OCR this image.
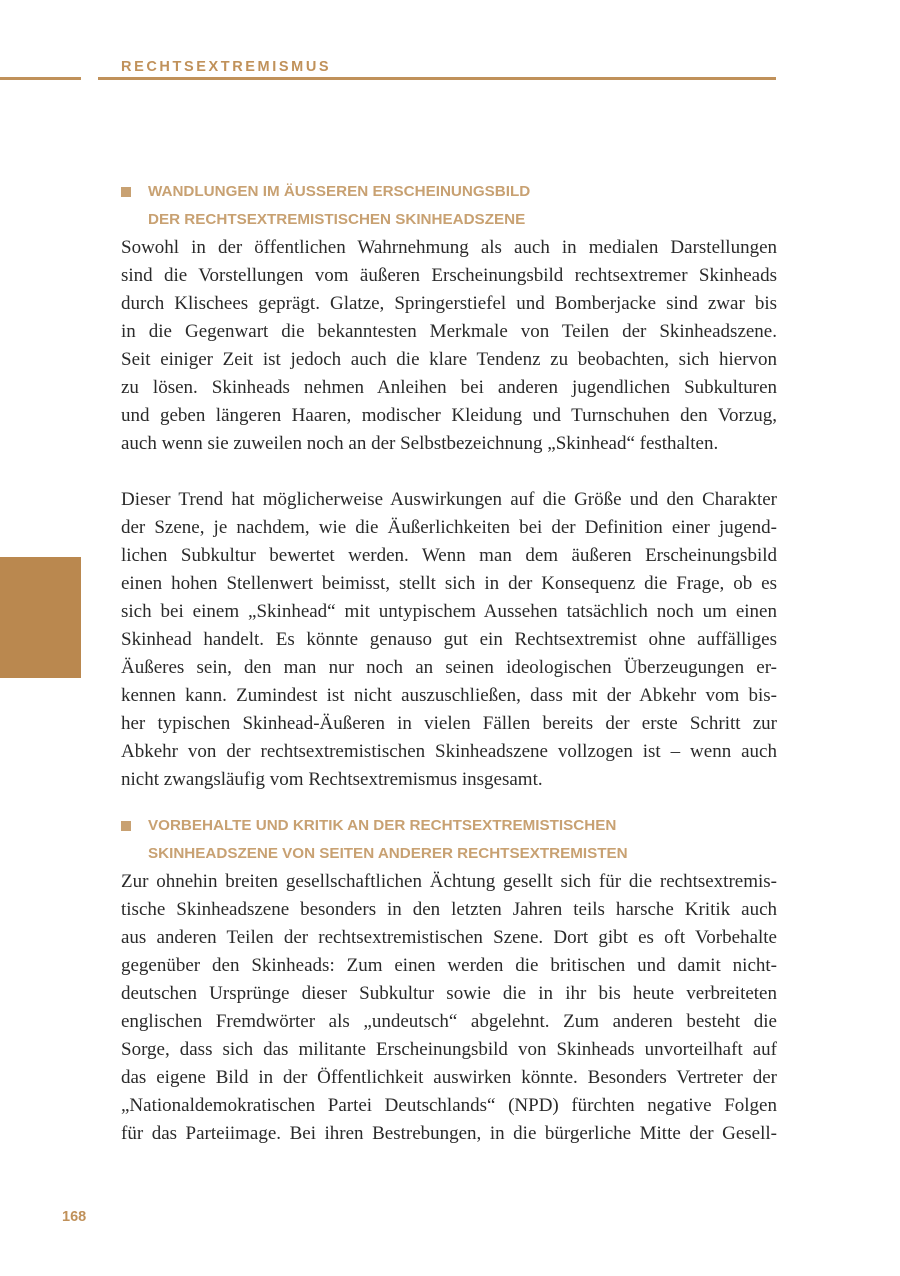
RECHTSEXTREMISMUS
WANDLUNGEN IM ÄUSSEREN ERSCHEINUNGSBILD
DER RECHTSEXTREMISTISCHEN SKINHEADSZENE
Sowohl in der öffentlichen Wahrnehmung als auch in medialen Darstellungen
sind die Vorstellungen vom äußeren Erscheinungsbild rechtsextremer Skinheads
durch Klischees geprägt. Glatze, Springerstiefel und Bomberjacke sind zwar bis
in die Gegenwart die bekanntesten Merkmale von Teilen der Skinheadszene.
Seit einiger Zeit ist jedoch auch die klare Tendenz zu beobachten, sich hiervon
zu lösen. Skinheads nehmen Anleihen bei anderen jugendlichen Subkulturen
und geben längeren Haaren, modischer Kleidung und Turnschuhen den Vorzug,
auch wenn sie zuweilen noch an der Selbstbezeichnung „Skinhead“ festhalten.
Dieser Trend hat möglicherweise Auswirkungen auf die Größe und den Charakter
der Szene, je nachdem, wie die Äußerlichkeiten bei der Definition einer jugend-
lichen Subkultur bewertet werden. Wenn man dem äußeren Erscheinungsbild
einen hohen Stellenwert beimisst, stellt sich in der Konsequenz die Frage, ob es
sich bei einem „Skinhead“ mit untypischem Aussehen tatsächlich noch um einen
Skinhead handelt. Es könnte genauso gut ein Rechtsextremist ohne auffälliges
Äußeres sein, den man nur noch an seinen ideologischen Überzeugungen er-
kennen kann. Zumindest ist nicht auszuschließen, dass mit der Abkehr vom bis-
her typischen Skinhead-Äußeren in vielen Fällen bereits der erste Schritt zur
Abkehr von der rechtsextremistischen Skinheadszene vollzogen ist – wenn auch
nicht zwangsläufig vom Rechtsextremismus insgesamt.
VORBEHALTE UND KRITIK AN DER RECHTSEXTREMISTISCHEN
SKINHEADSZENE VON SEITEN ANDERER RECHTSEXTREMISTEN
Zur ohnehin breiten gesellschaftlichen Ächtung gesellt sich für die rechtsextremis-
tische Skinheadszene besonders in den letzten Jahren teils harsche Kritik auch
aus anderen Teilen der rechtsextremistischen Szene. Dort gibt es oft Vorbehalte
gegenüber den Skinheads: Zum einen werden die britischen und damit nicht-
deutschen Ursprünge dieser Subkultur sowie die in ihr bis heute verbreiteten
englischen Fremdwörter als „undeutsch“ abgelehnt. Zum anderen besteht die
Sorge, dass sich das militante Erscheinungsbild von Skinheads unvorteilhaft auf
das eigene Bild in der Öffentlichkeit auswirken könnte. Besonders Vertreter der
„Nationaldemokratischen Partei Deutschlands“ (NPD) fürchten negative Folgen
für das Parteiimage. Bei ihren Bestrebungen, in die bürgerliche Mitte der Gesell-
168
